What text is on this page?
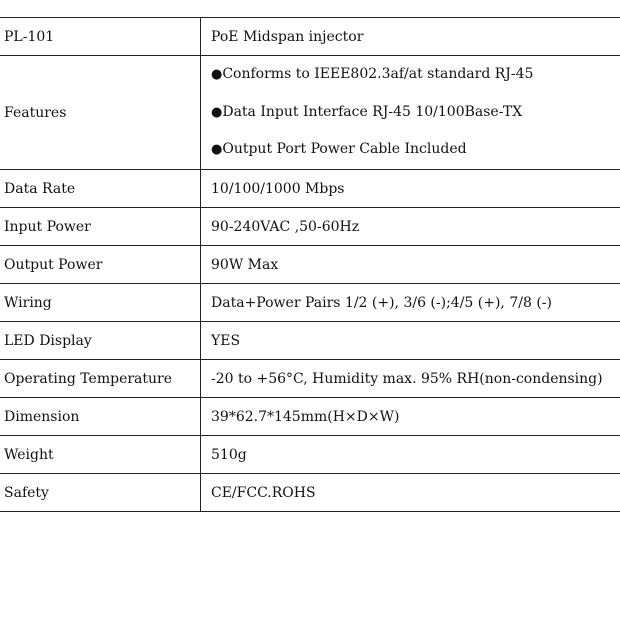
PL-101	PoE Midspan injector
Features	●Conforms to IEEE802.3af/at standard RJ-45
●Data Input Interface RJ-45 10/100Base-TX
●Output Port Power Cable Included

Data Rate	10/100/1000 Mbps
Input Power	90-240VAC ,50-60Hz
Output Power	90W Max
Wiring	Data+Power Pairs 1/2 (+), 3/6 (-);4/5 (+), 7/8 (-)
LED Display	YES
Operating Temperature	-20 to +56°C, Humidity max. 95% RH(non-condensing)
Dimension	39*62.7*145mm(H×D×W)
Weight	510g
Safety	CE/FCC.ROHS
